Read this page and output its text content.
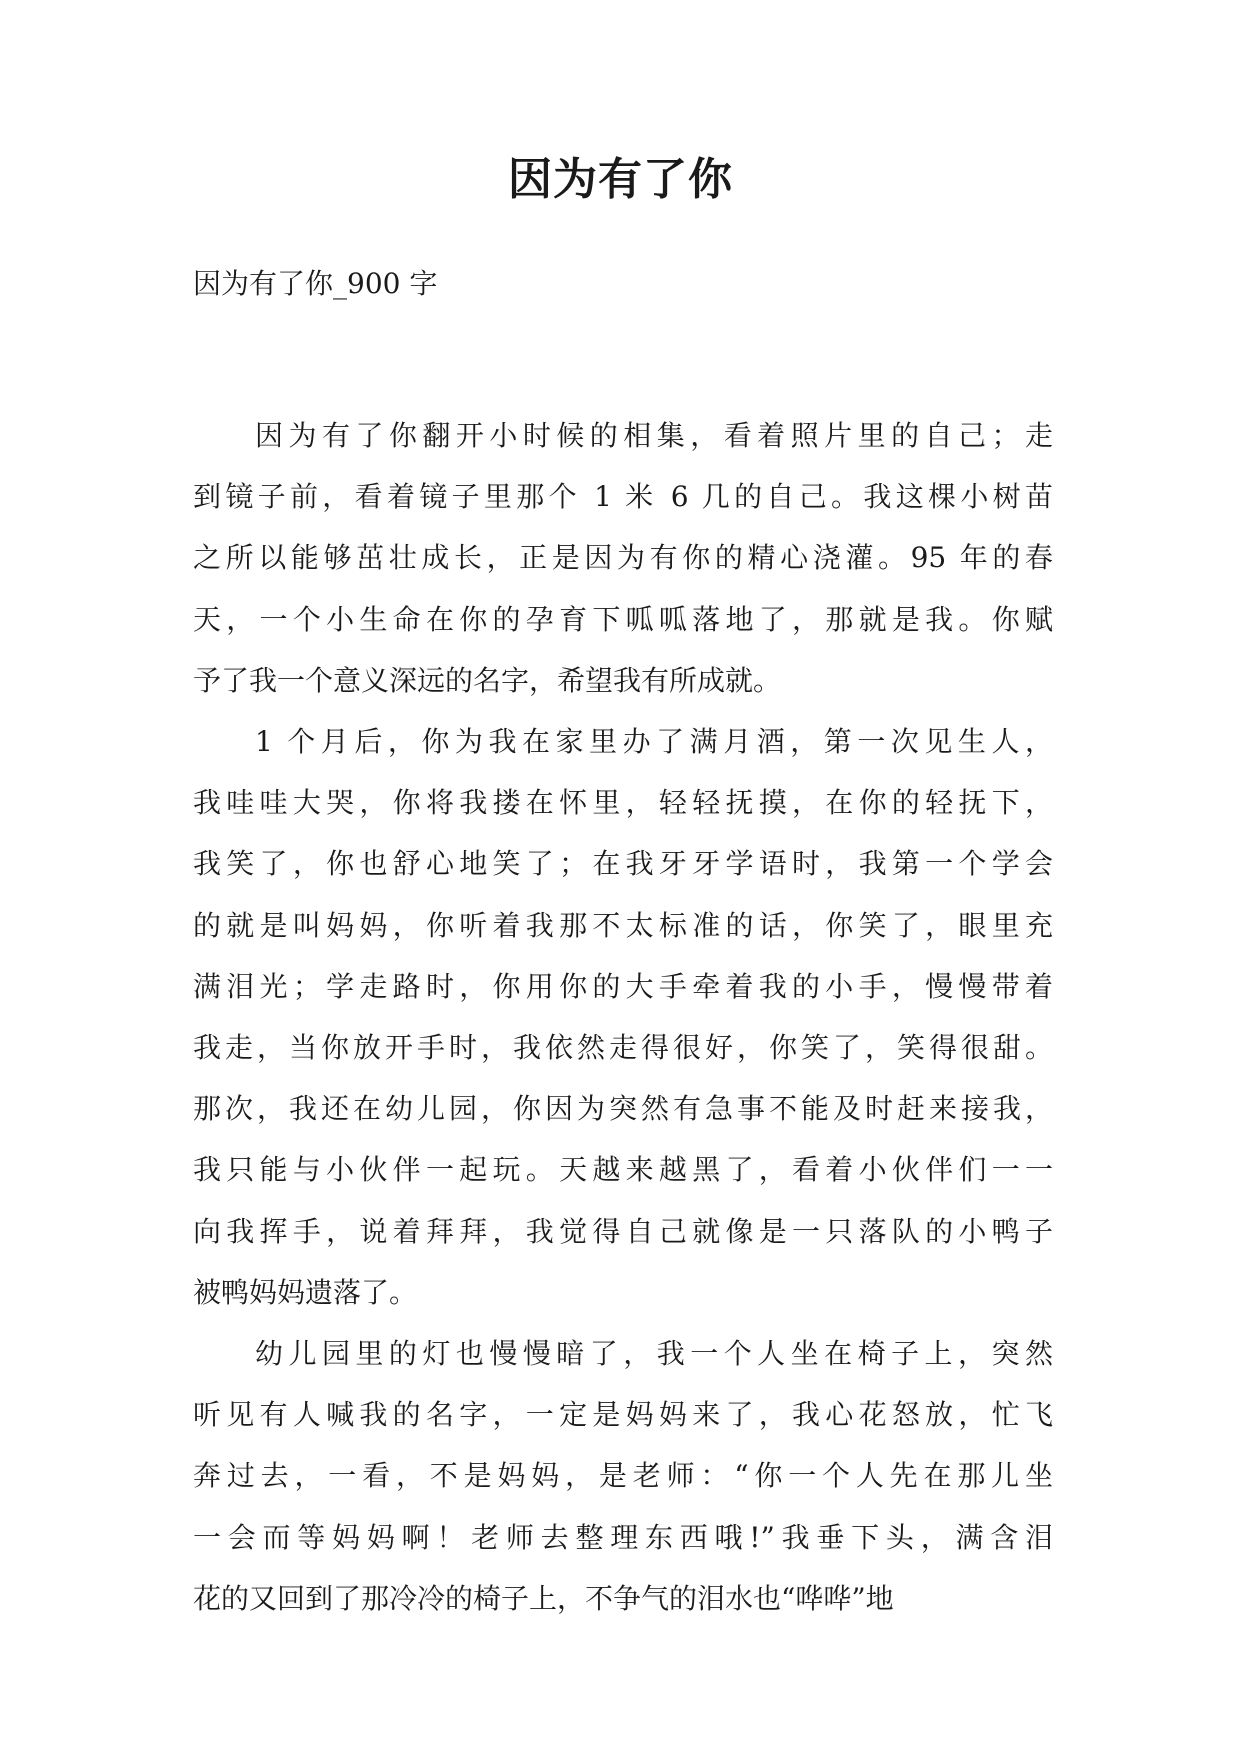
因为有了你

因为有了你_900 字

因为有了你翻开小时候的相集，看着照片里的自己；走
到镜子前，看着镜子里那个 1 米 6 几的自己。我这棵小树苗
之所以能够茁壮成长，正是因为有你的精心浇灌。95 年的春
天，一个小生命在你的孕育下呱呱落地了，那就是我。你赋
予了我一个意义深远的名字，希望我有所成就。

1 个月后，你为我在家里办了满月酒，第一次见生人，
我哇哇大哭，你将我搂在怀里，轻轻抚摸，在你的轻抚下，
我笑了，你也舒心地笑了；在我牙牙学语时，我第一个学会
的就是叫妈妈，你听着我那不太标准的话，你笑了，眼里充
满泪光；学走路时，你用你的大手牵着我的小手，慢慢带着
我走，当你放开手时，我依然走得很好，你笑了，笑得很甜。
那次，我还在幼儿园，你因为突然有急事不能及时赶来接我，
我只能与小伙伴一起玩。天越来越黑了，看着小伙伴们一一
向我挥手，说着拜拜，我觉得自己就像是一只落队的小鸭子
被鸭妈妈遗落了。

幼儿园里的灯也慢慢暗了，我一个人坐在椅子上，突然
听见有人喊我的名字，一定是妈妈来了，我心花怒放，忙飞
奔过去，一看，不是妈妈，是老师：“你一个人先在那儿坐
一会而等妈妈啊！老师去整理东西哦!”我垂下头，满含泪
花的又回到了那冷冷的椅子上，不争气的泪水也“哗哗”地
